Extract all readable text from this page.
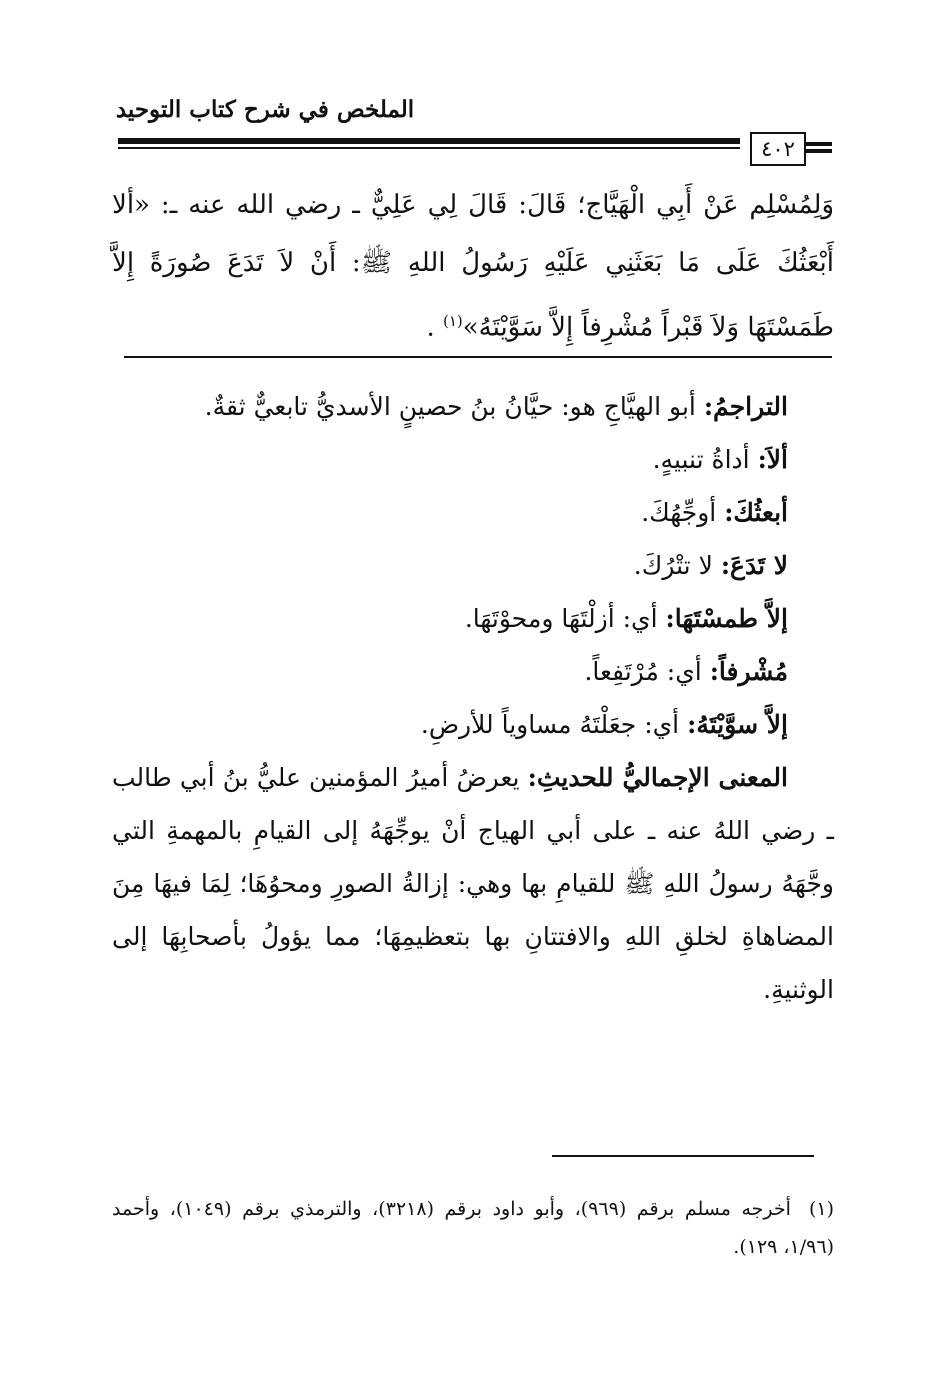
الملخص في شرح كتاب التوحيد
٤٠٢

وَلِمُسْلِم عَنْ أَبِي الْهَيَّاج؛ قَالَ: قَالَ لِي عَلِيٌّ ـ رضي الله عنه ـ: «ألا أَبْعَثُكَ عَلَى مَا بَعَثَنِي عَلَيْهِ رَسُولُ اللهِ ﷺ: أَنْ لاَ تَدَعَ صُورَةً إِلاَّ طَمَسْتَهَا وَلاَ قَبْراً مُشْرِفاً إِلاَّ سَوَّيْتَهُ»$^{(١)}$ .

التراجمُ: أبو الهيَّاجِ هو: حيَّانُ بنُ حصينٍ الأسديُّ تابعيٌّ ثقةٌ.

ألاَ: أداةُ تنبيهٍ.

أبعثُكَ: أوجِّهُكَ.

لا تَدَعَ: لا تتْرُكَ.

إلاَّ طمسْتَهَا: أي: أزلْتَهَا ومحوْتَهَا.

مُشْرفاً: أي: مُرْتَفِعاً.

إلاَّ سوَّيْتَهُ: أي: جعَلْتَهُ مساوياً للأرضِ.

المعنى الإجماليُّ للحديثِ: يعرضُ أميرُ المؤمنين عليُّ بنُ أبي طالب ـ رضي اللهُ عنه ـ على أبي الهياج أنْ يوجِّهَهُ إلى القيامِ بالمهمةِ التي وجَّهَهُ رسولُ اللهِ ﷺ للقيامِ بها وهي: إزالةُ الصورِ ومحوُهَا؛ لِمَا فيهَا مِنَ المضاهاةِ لخلقِ اللهِ والافتتانِ بها بتعظيمِهَا؛ مما يؤولُ بأصحابِهَا إلى الوثنيةِ.

(١)أخرجه مسلم برقم (٩٦٩)، وأبو داود برقم (٣٢١٨)، والترمذي برقم (١٠٤٩)، وأحمد (١/٩٦، ١٢٩).
